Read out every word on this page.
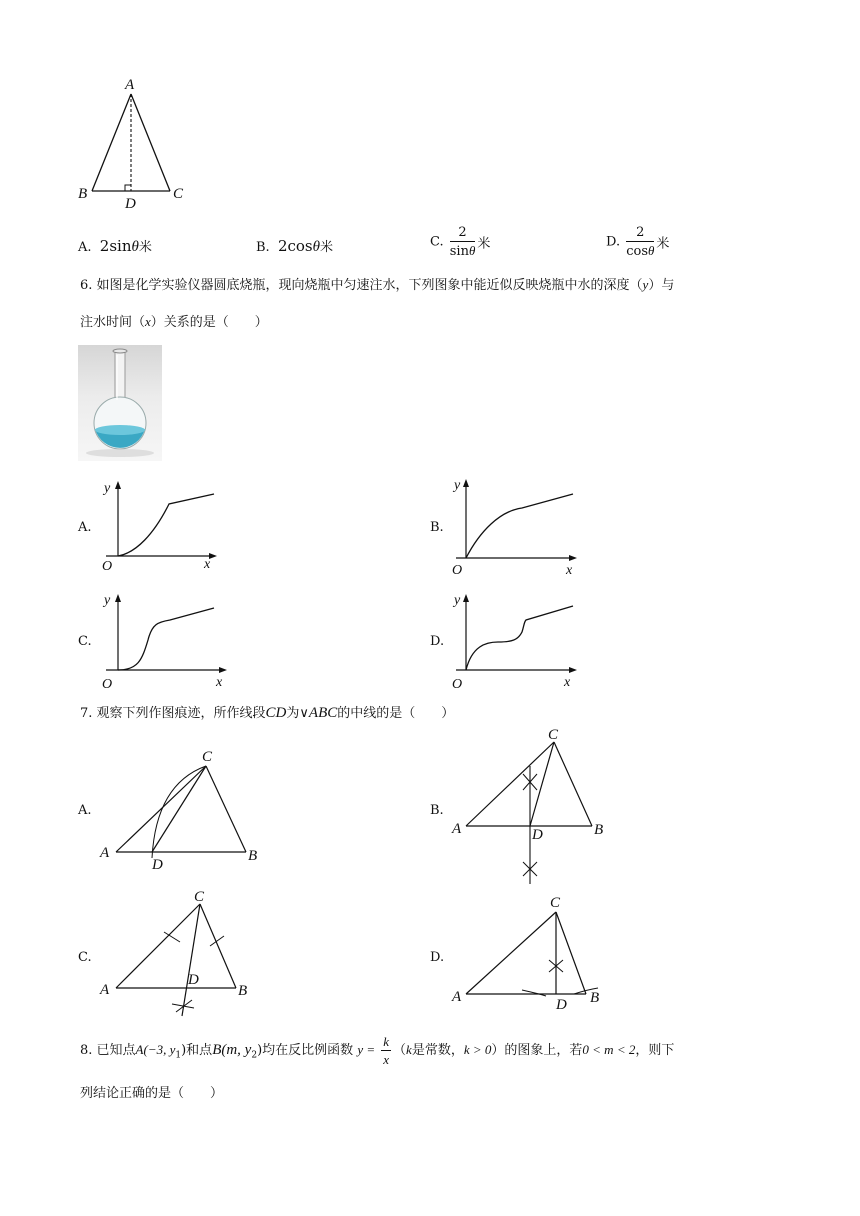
A
B	C
D
A. 2sinθ米	B. 2cosθ米	C. $\frac{2}{\sin\theta}$ 米	D. $\frac{2}{\cos\theta}$ 米
6. 如图是化学实验仪器圆底烧瓶，现向烧瓶中匀速注水，下列图象中能近似反映烧瓶中水的深度（y）与
注水时间（x）关系的是（　　）
A.
y
x
O
B.
y
x
O
C.
y
x
O
D.
y
x
O
7. 观察下列作图痕迹，所作线段CD为∨ABC的中线的是（　　）
A.
C
A	B
D
B.
C
A	B
D
C.
C
A	B
D
D.
C
A	B
D
8. 已知点A(−3, $y_1$)和点B(m, $y_2$)均在反比例函数 $y = \frac{k}{x} (k$是常数，k > 0）的图象上，若0 < m < 2，则下
列结论正确的是（　　）
